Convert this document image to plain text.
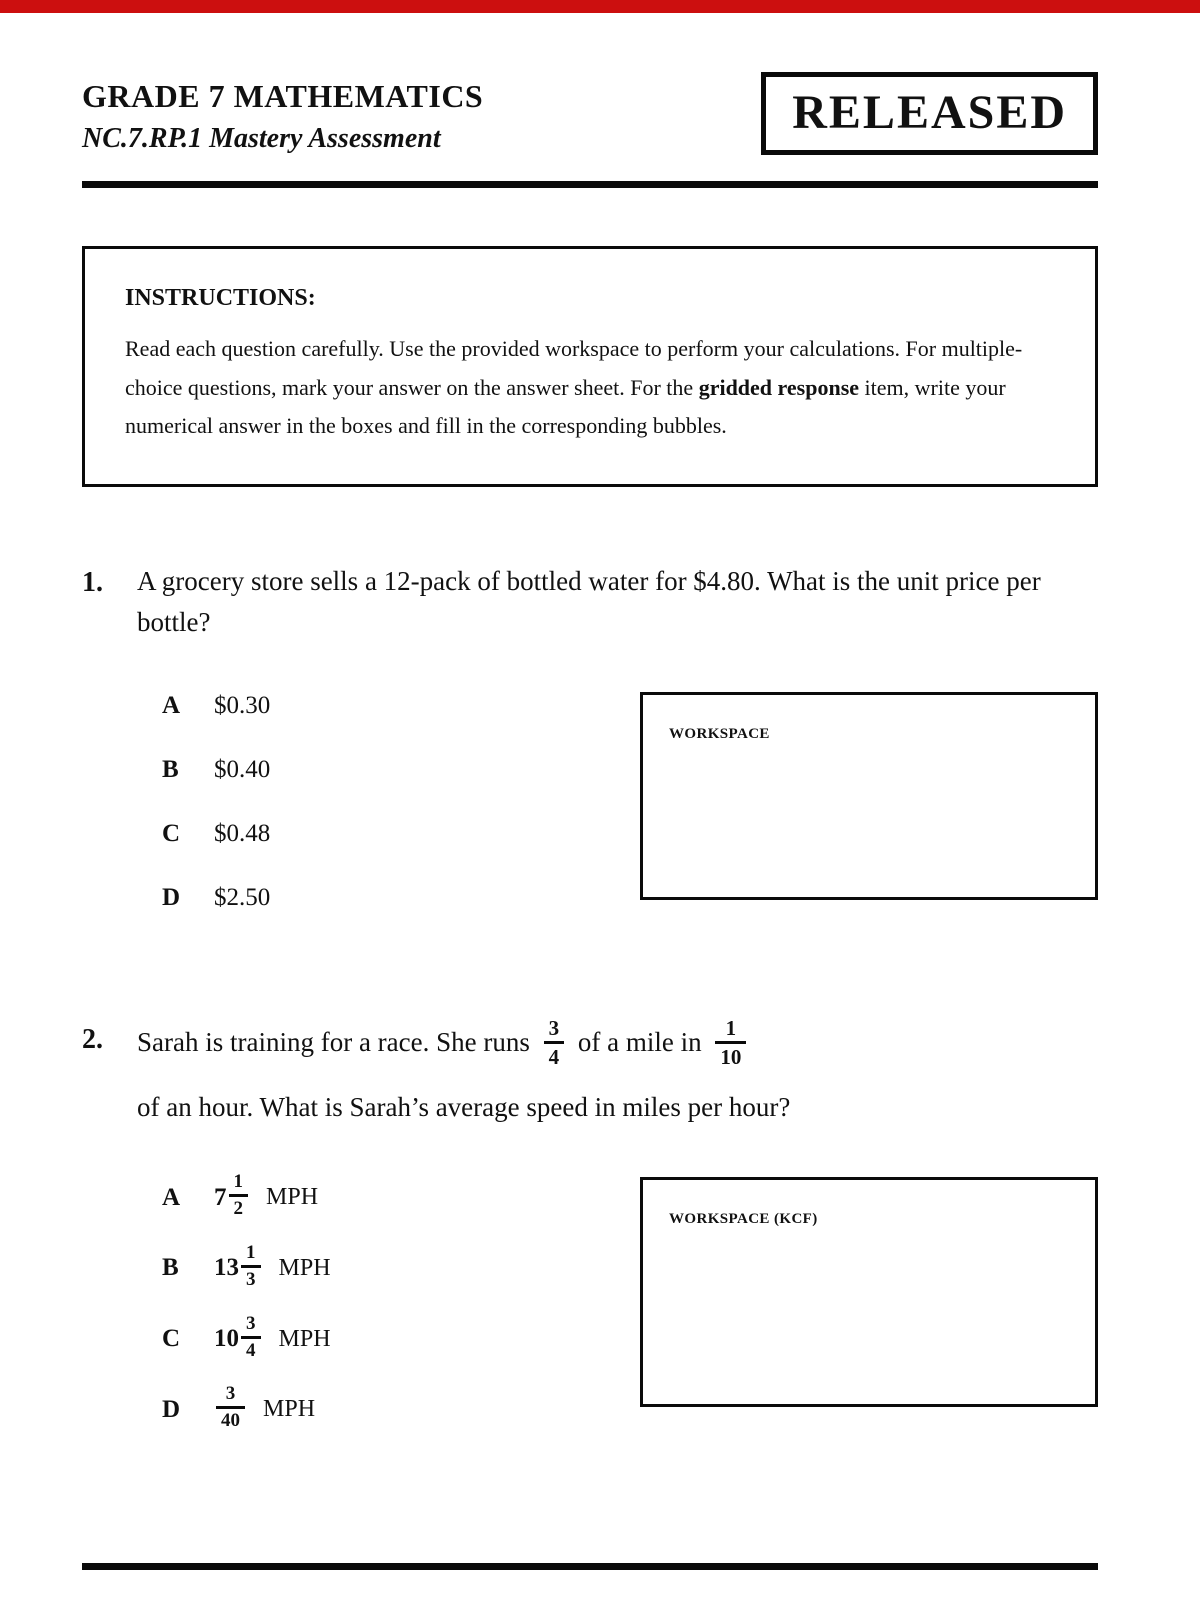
GRADE 7 MATHEMATICS
NC.7.RP.1 Mastery Assessment	RELEASED
INSTRUCTIONS:

Read each question carefully. Use the provided workspace to perform your calculations. For multiple-choice questions, mark your answer on the answer sheet. For the gridded response item, write your numerical answer in the boxes and fill in the corresponding bubbles.

1.	A grocery store sells a 12-pack of bottled water for $4.80. What is the unit price per bottle?
A	$0.30
B	$0.40
C	$0.48
D	$2.50
WORKSPACE
2.	Sarah is training for a race. She runs $\frac{3}{4}$ of a mile in $\frac{1}{10}$
of an hour. What is Sarah’s average speed in miles per hour?
A	$7 \frac{1}{2}$ MPH
B	$13 \frac{1}{3}$ MPH
C	$10 \frac{3}{4}$ MPH
D	$\frac{3}{40}$ MPH
WORKSPACE (KCF)
